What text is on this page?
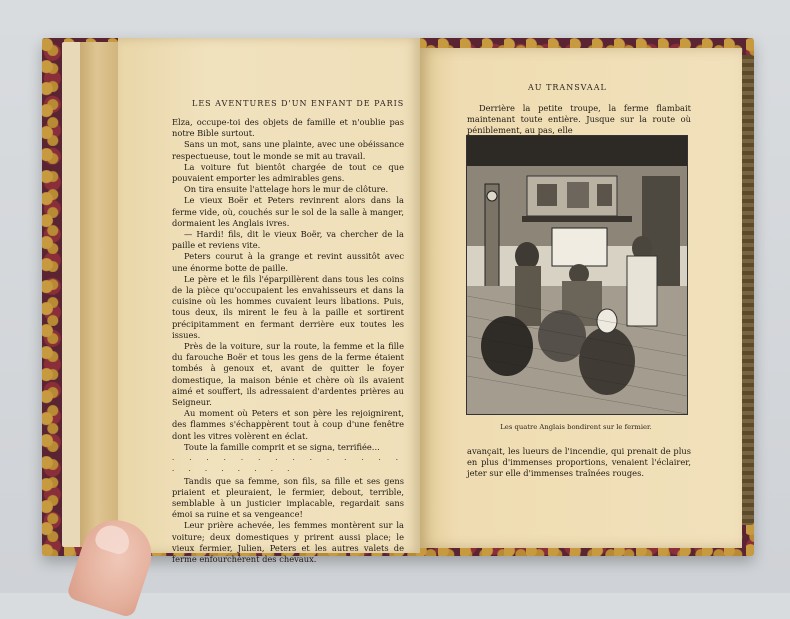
LES AVENTURES D'UN ENFANT DE PARIS

Elza, occupe-toi des objets de famille et n'oublie pas notre Bible surtout.

Sans un mot, sans une plainte, avec une obéissance respectueuse, tout le monde se mit au travail.

La voiture fut bientôt chargée de tout ce que pouvaient emporter les admirables gens.

On tira ensuite l'attelage hors le mur de clôture.

Le vieux Boër et Peters revinrent alors dans la ferme vide, où, couchés sur le sol de la salle à manger, dormaient les Anglais ivres.

— Hardi! fils, dit le vieux Boër, va chercher de la paille et reviens vite.

Peters courut à la grange et revint aussitôt avec une énorme botte de paille.

Le père et le fils l'éparpillèrent dans tous les coins de la pièce qu'occupaient les envahisseurs et dans la cuisine où les hommes cuvaient leurs libations. Puis, tous deux, ils mirent le feu à la paille et sortirent précipitamment en fermant derrière eux toutes les issues.

Près de la voiture, sur la route, la femme et la fille du farouche Boër et tous les gens de la ferme étaient tombés à genoux et, avant de quitter le foyer domestique, la maison bénie et chère où ils avaient aimé et souffert, ils adressaient d'ardentes prières au Seigneur.

Au moment où Peters et son père les rejoignirent, des flammes s'échappèrent tout à coup d'une fenêtre dont les vitres volèrent en éclat.

Toute la famille comprit et se signa, terrifiée...

. . . . . . . . . . . . . . . . . . . . . .

Tandis que sa femme, son fils, sa fille et ses gens priaient et pleuraient, le fermier, debout, terrible, semblable à un justicier implacable, regardait sans émoi sa ruine et sa vengeance!

Leur prière achevée, les femmes montèrent sur la voiture; deux domestiques y prirent aussi place; le vieux fermier, Julien, Peters et les autres valets de ferme enfourchèrent des chevaux.

AU TRANSVAAL

Derrière la petite troupe, la ferme flambait maintenant toute entière. Jusque sur la route où péniblement, au pas, elle

avançait, les lueurs de l'incendie, qui prenait de plus en plus d'immenses proportions, venaient l'éclairer, jeter sur elle d'immenses traînées rouges.

Les quatre Anglais bondirent sur le fermier.
